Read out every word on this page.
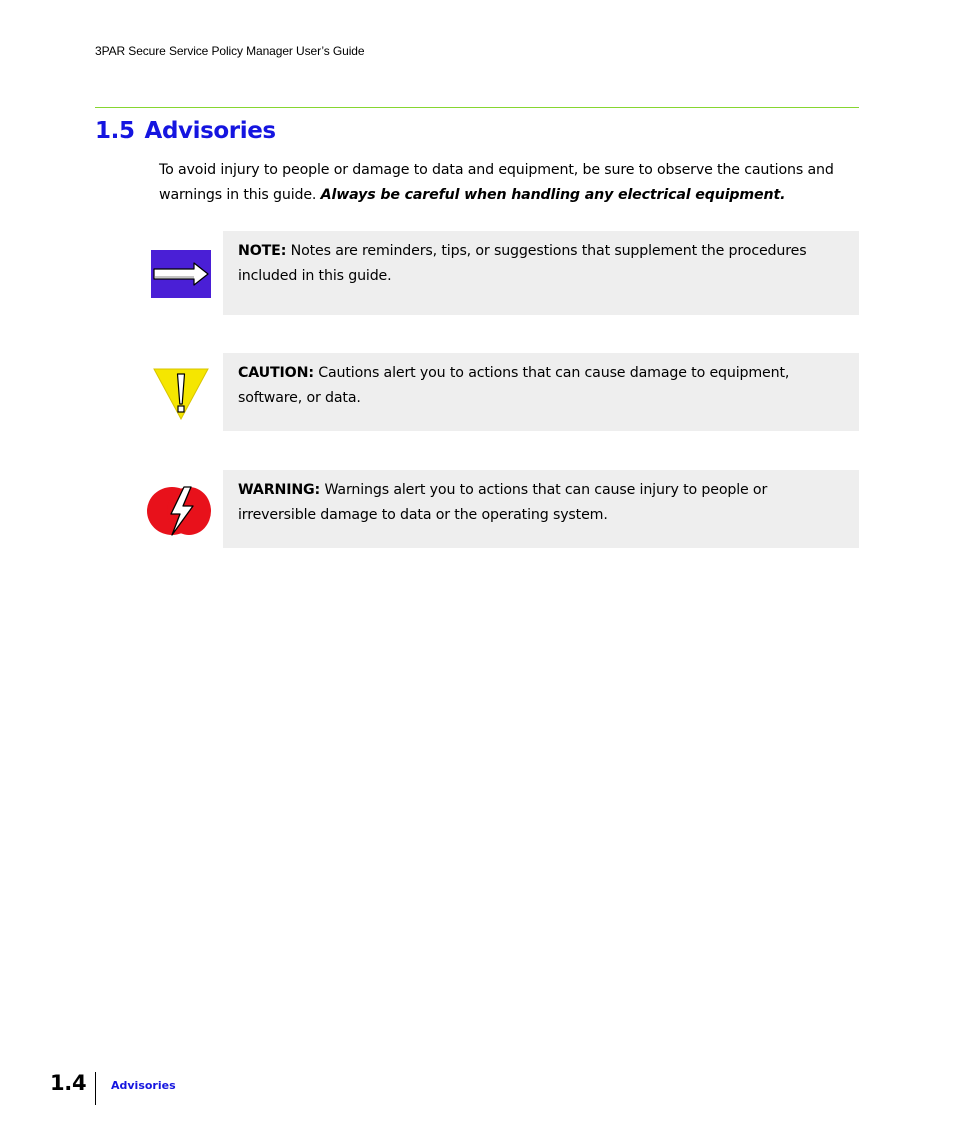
3PAR Secure Service Policy Manager User’s Guide
1.5 Advisories

To avoid injury to people or damage to data and equipment, be sure to observe the cautions and warnings in this guide. Always be careful when handling any electrical equipment.

NOTE: Notes are reminders, tips, or suggestions that supplement the procedures included in this guide.

CAUTION: Cautions alert you to actions that can cause damage to equipment, software, or data.

WARNING: Warnings alert you to actions that can cause injury to people or irreversible damage to data or the operating system.

1.4 Advisories
